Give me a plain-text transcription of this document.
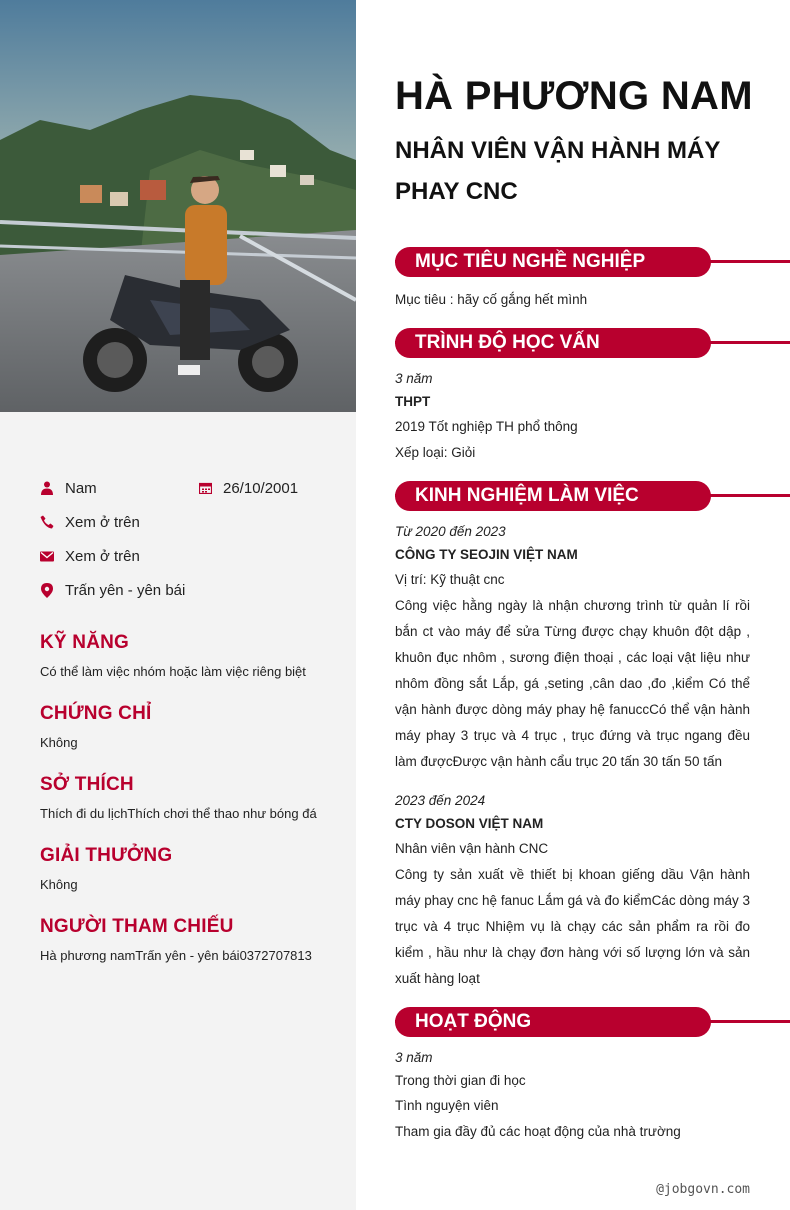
Nam	26/10/2001
Xem ở trên
Xem ở trên
Trấn yên - yên bái
KỸ NĂNG

Có thể làm việc nhóm hoặc làm việc riêng biệt

CHỨNG CHỈ

Không

SỞ THÍCH

Thích đi du lịchThích chơi thể thao như bóng đá

GIẢI THƯỞNG

Không

NGƯỜI THAM CHIẾU

Hà phương namTrấn yên - yên bái0372707813

HÀ PHƯƠNG NAM
NHÂN VIÊN VẬN HÀNH MÁY PHAY CNC
MỤC TIÊU NGHỀ NGHIỆP
Mục tiêu : hãy cố gắng hết mình
TRÌNH ĐỘ HỌC VẤN
3 năm
THPT
2019 Tốt nghiệp TH phổ thông
Xếp loại: Giỏi
KINH NGHIỆM LÀM VIỆC
Từ 2020 đến 2023
CÔNG TY SEOJIN VIỆT NAM
Vị trí: Kỹ thuật cnc
Công việc hằng ngày là nhận chương trình từ quản lí rồi bắn ct vào máy để sửa Từng được chạy khuôn đột dập , khuôn đục nhôm , sương điện thoại , các loại vật liệu như nhôm đồng sắt Lắp, gá ,seting ,cân dao ,đo ,kiểm Có thể vận hành được dòng máy phay hệ fanuccCó thể vận hành máy phay 3 trục và 4 trục , trục đứng và trục ngang đều làm đượcĐược vận hành cẩu trục 20 tấn 30 tấn 50 tấn
2023 đến 2024
CTY DOSON VIỆT NAM
Nhân viên vận hành CNC
Công ty sản xuất về thiết bị khoan giếng dầu Vận hành máy phay cnc hệ fanuc Lắm gá và đo kiểmCác dòng máy 3 trục và 4 trục Nhiệm vụ là chạy các sản phẩm ra rồi đo kiểm , hầu như là chạy đơn hàng với số lượng lớn và sản xuất hàng loạt
HOẠT ĐỘNG
3 năm
Trong thời gian đi học
Tình nguyện viên
Tham gia đầy đủ các hoạt động của nhà trường
@jobgovn.com
